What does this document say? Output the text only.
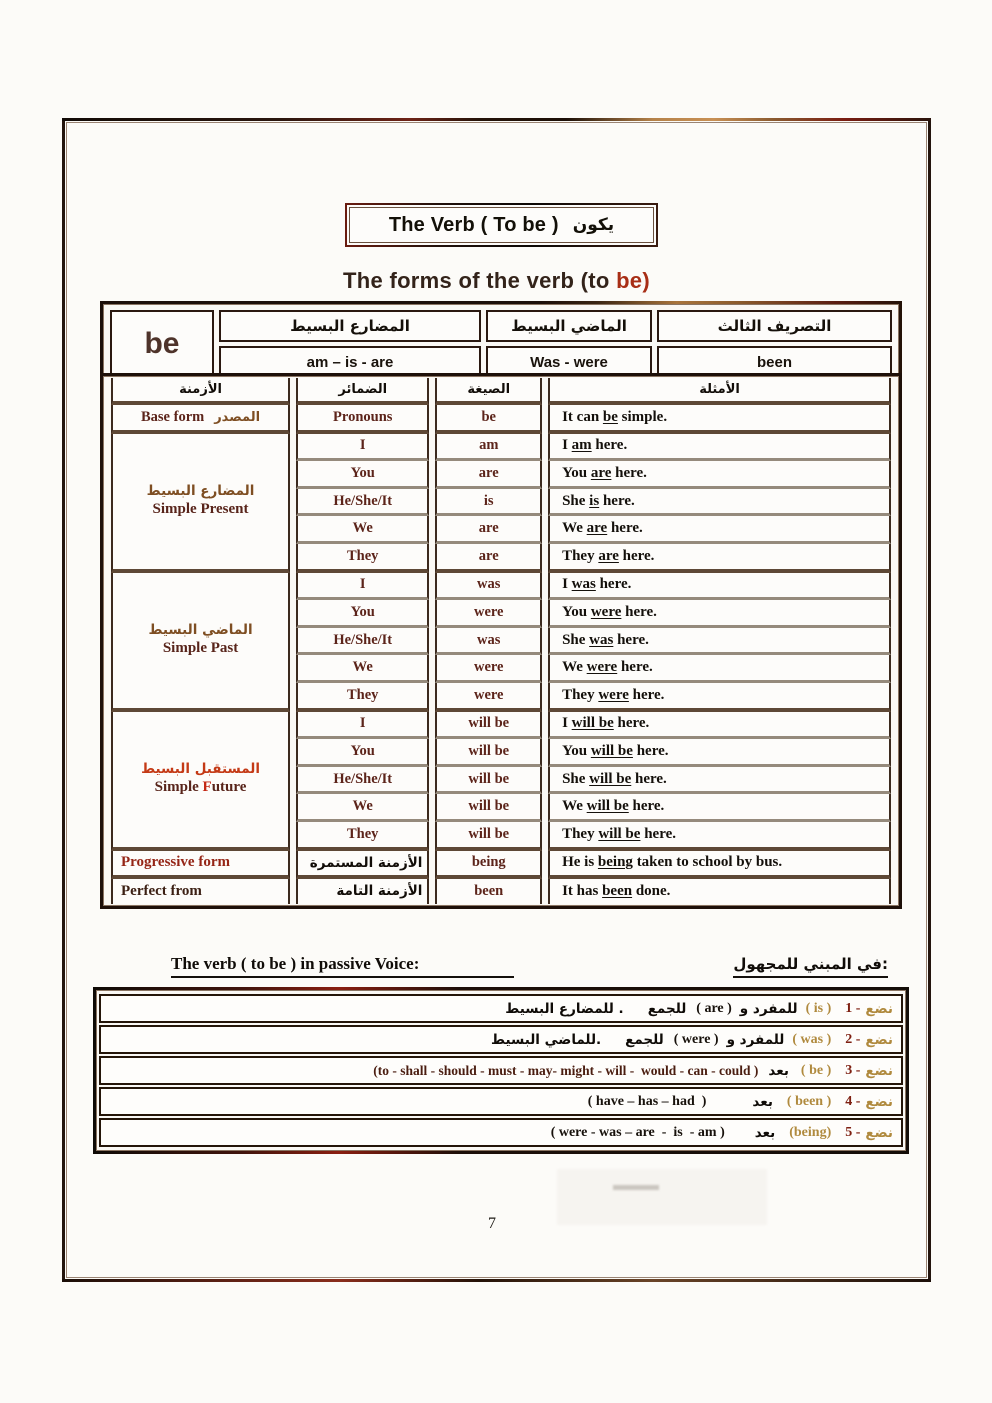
The Verb ( To be ) يكون
The forms of the verb (to be)
be	المضارع البسيط	الماضي البسيط	التصريف الثالث
	am – is - are	Was - were	been
الأزمنة	الضمائر	الصيغة	الأمثلة
Base form المصدر	Pronouns	be	It can be simple.

المضارع البسيط
Simple Present	I	am	I am here.
	You	are	You are here.
	He/She/It	is	She is here.
	We	are	We are here.
	They	are	They are here.

الماضي البسيط
Simple Past	I	was	I was here.
	You	were	You were here.
	He/She/It	was	She was here.
	We	were	We were here.
	They	were	They were here.

المستقبل البسيط
Simple Future	I	will be	I will be here.
	You	will be	You will be here.
	He/She/It	will be	She will be here.
	We	will be	We will be here.
	They	will be	They will be here.
Progressive form	الأزمنة المستمرة	being	He is being taken to school by bus.
Perfect from	الأزمنة التامة	been	It has been done.
The verb ( to be ) in passive Voice:	في المبني للمجهول:
للمضارع البسيط . للجمع ( are ) للمفرد و ( is ) 1 - نضع
للماضي البسيط. للجمع ( were ) للمفرد و ( was ) 2 - نضع
(to - shall - should - must - may- might - will -  would - can - could ) بعد ( be ) 3 - نضع
( have – has – had  )	بعد ( been ) 4 - نضع
( were - was – are  -  is  - am ) بعد (being) 5 - نضع
7
